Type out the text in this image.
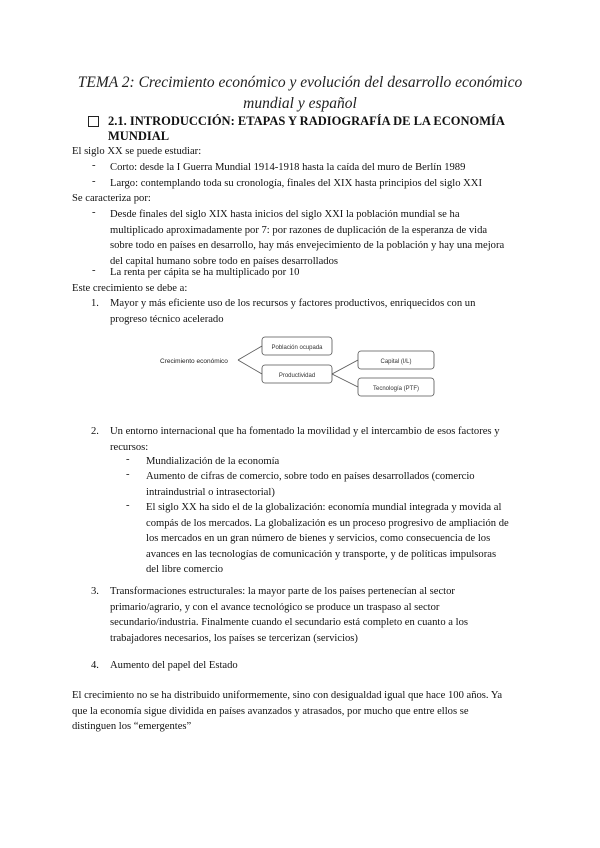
TEMA 2: Crecimiento económico y evolución del desarrollo económico
mundial y español
2.1. INTRODUCCIÓN: ETAPAS Y RADIOGRAFÍA DE LA ECONOMÍA
MUNDIAL
El siglo XX se puede estudiar:
- Corto: desde la I Guerra Mundial 1914-1918 hasta la caída del muro de Berlín 1989
- Largo: contemplando toda su cronología, finales del XIX hasta principios del siglo XXI
Se caracteriza por:
- Desde finales del siglo XIX hasta inicios del siglo XXI la población mundial se ha
multiplicado aproximadamente por 7: por razones de duplicación de la esperanza de vida
sobre todo en países en desarrollo, hay más envejecimiento de la población y hay una mejora
del capital humano sobre todo en países desarrollados
- La renta per cápita se ha multiplicado por 10
Este crecimiento se debe a:
1. Mayor y más eficiente uso de los recursos y factores productivos, enriquecidos con un
progreso técnico acelerado
Crecimiento económico
Población ocupada
Productividad
Capital (I/L)
Tecnología (PTF)
2. Un entorno internacional que ha fomentado la movilidad y el intercambio de esos factores y
recursos:
- Mundialización de la economía
- Aumento de cifras de comercio, sobre todo en países desarrollados (comercio
intraindustrial o intrasectorial)
- El siglo XX ha sido el de la globalización: economía mundial integrada y movida al
compás de los mercados. La globalización es un proceso progresivo de ampliación de
los mercados en un gran número de bienes y servicios, como consecuencia de los
avances en las tecnologías de comunicación y transporte, y de políticas impulsoras
del libre comercio
3. Transformaciones estructurales: la mayor parte de los países pertenecían al sector
primario/agrario, y con el avance tecnológico se produce un traspaso al sector
secundario/industria. Finalmente cuando el secundario está completo en cuanto a los
trabajadores necesarios, los países se tercerizan (servicios)
4. Aumento del papel del Estado
El crecimiento no se ha distribuido uniformemente, sino con desigualdad igual que hace 100 años. Ya
que la economía sigue dividida en países avanzados y atrasados, por mucho que entre ellos se
distinguen los “emergentes”
